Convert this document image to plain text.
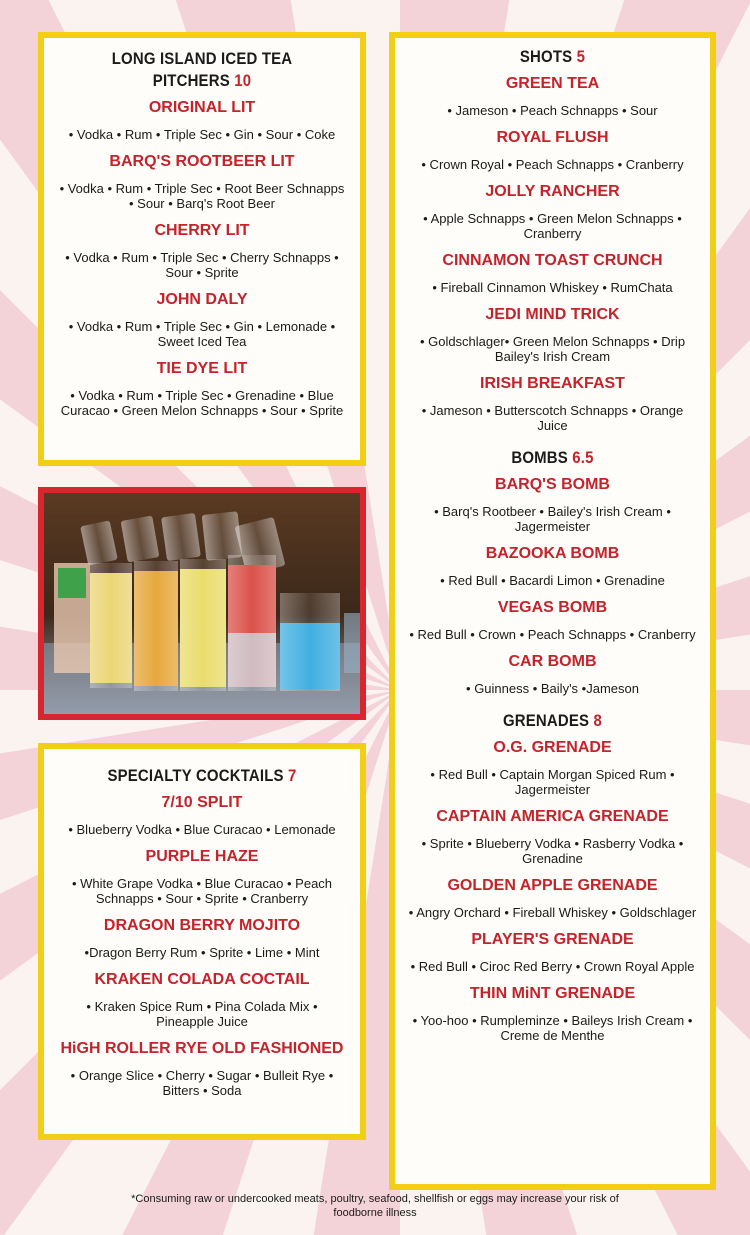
LONG ISLAND ICED TEA
PITCHERS 10
ORIGINAL LIT
• Vodka • Rum • Triple Sec • Gin • Sour • Coke
BARQ'S ROOTBEER LIT
• Vodka • Rum • Triple Sec • Root Beer Schnapps • Sour • Barq's Root Beer
CHERRY LIT
• Vodka • Rum • Triple Sec • Cherry Schnapps • Sour • Sprite
JOHN DALY
• Vodka • Rum • Triple Sec • Gin • Lemonade • Sweet Iced Tea
TIE DYE LIT
• Vodka • Rum • Triple Sec • Grenadine • Blue Curacao • Green Melon Schnapps • Sour • Sprite
SPECIALTY COCKTAILS 7
7/10 SPLIT
• Blueberry Vodka • Blue Curacao • Lemonade
PURPLE HAZE
• White Grape Vodka • Blue Curacao • Peach Schnapps • Sour • Sprite • Cranberry
DRAGON BERRY MOJITO
•Dragon Berry Rum • Sprite • Lime • Mint
KRAKEN COLADA COCTAIL
• Kraken Spice Rum • Pina Colada Mix • Pineapple Juice
HiGH ROLLER RYE OLD FASHIONED
• Orange Slice • Cherry • Sugar • Bulleit Rye • Bitters • Soda
SHOTS 5
GREEN TEA
• Jameson • Peach Schnapps • Sour
ROYAL FLUSH
• Crown Royal • Peach Schnapps • Cranberry
JOLLY RANCHER
• Apple Schnapps • Green Melon Schnapps • Cranberry
CINNAMON TOAST CRUNCH
• Fireball Cinnamon Whiskey • RumChata
JEDI MIND TRICK
• Goldschlager• Green Melon Schnapps • Drip Bailey's Irish Cream
IRISH BREAKFAST
• Jameson • Butterscotch Schnapps • Orange Juice
BOMBS 6.5
BARQ'S BOMB
• Barq's Rootbeer • Bailey's Irish Cream • Jagermeister
BAZOOKA BOMB
• Red Bull • Bacardi Limon • Grenadine
VEGAS BOMB
• Red Bull • Crown • Peach Schnapps • Cranberry
CAR BOMB
• Guinness • Baily's •Jameson
GRENADES 8
O.G. GRENADE
• Red Bull • Captain Morgan Spiced Rum • Jagermeister
CAPTAIN AMERICA GRENADE
• Sprite • Blueberry Vodka • Rasberry Vodka • Grenadine
GOLDEN APPLE GRENADE
• Angry Orchard • Fireball Whiskey • Goldschlager
PLAYER'S GRENADE
• Red Bull • Ciroc Red Berry • Crown Royal Apple
THIN MiNT GRENADE
• Yoo-hoo • Rumpleminze • Baileys Irish Cream • Creme de Menthe
*Consuming raw or undercooked meats, poultry, seafood, shellfish or eggs may increase your risk of foodborne illness
